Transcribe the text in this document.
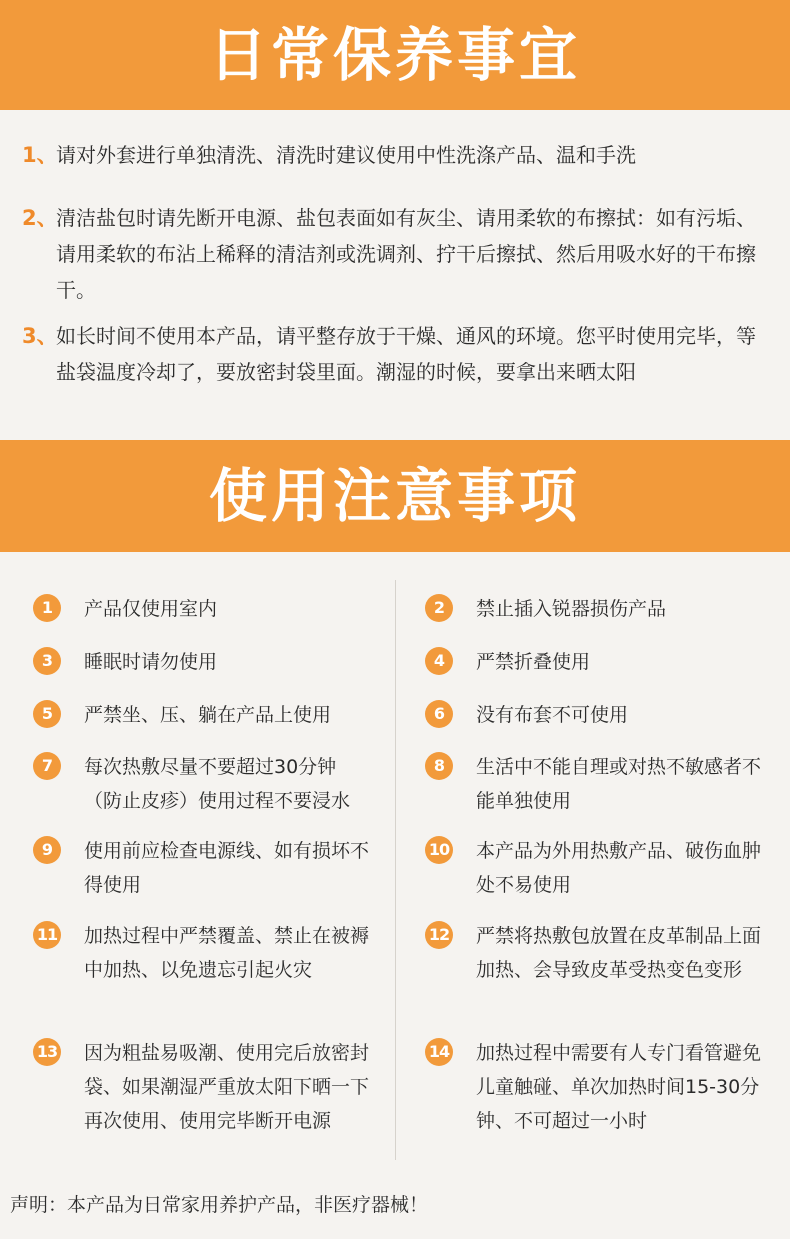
日常保养事宜
1、
请对外套进行单独清洗、清洗时建议使用中性洗涤产品、温和手洗
2、
清洁盐包时请先断开电源、盐包表面如有灰尘、请用柔软的布擦拭：如有污垢、请用柔软的布沾上稀释的清洁剂或洗调剂、拧干后擦拭、然后用吸水好的干布擦干。
3、
如长时间不使用本产品，请平整存放于干燥、通风的环境。您平时使用完毕，等盐袋温度冷却了，要放密封袋里面。潮湿的时候，要拿出来晒太阳
使用注意事项
1	产品仅使用室内	2	禁止插入锐器损伤产品
3	睡眠时请勿使用	4	严禁折叠使用
5	严禁坐、压、躺在产品上使用	6	没有布套不可使用
7	每次热敷尽量不要超过30分钟（防止皮疹）使用过程不要浸水
8	生活中不能自理或对热不敏感者不能单独使用
9	使用前应检查电源线、如有损坏不得使用
10 本产品为外用热敷产品、破伤血肿处不易使用
11 加热过程中严禁覆盖、禁止在被褥中加热、以免遗忘引起火灾
12 严禁将热敷包放置在皮革制品上面加热、会导致皮革受热变色变形
13 因为粗盐易吸潮、使用完后放密封袋、如果潮湿严重放太阳下晒一下再次使用、使用完毕断开电源
14 加热过程中需要有人专门看管避免儿童触碰、单次加热时间15-30分钟、不可超过一小时
声明：本产品为日常家用养护产品，非医疗器械！
